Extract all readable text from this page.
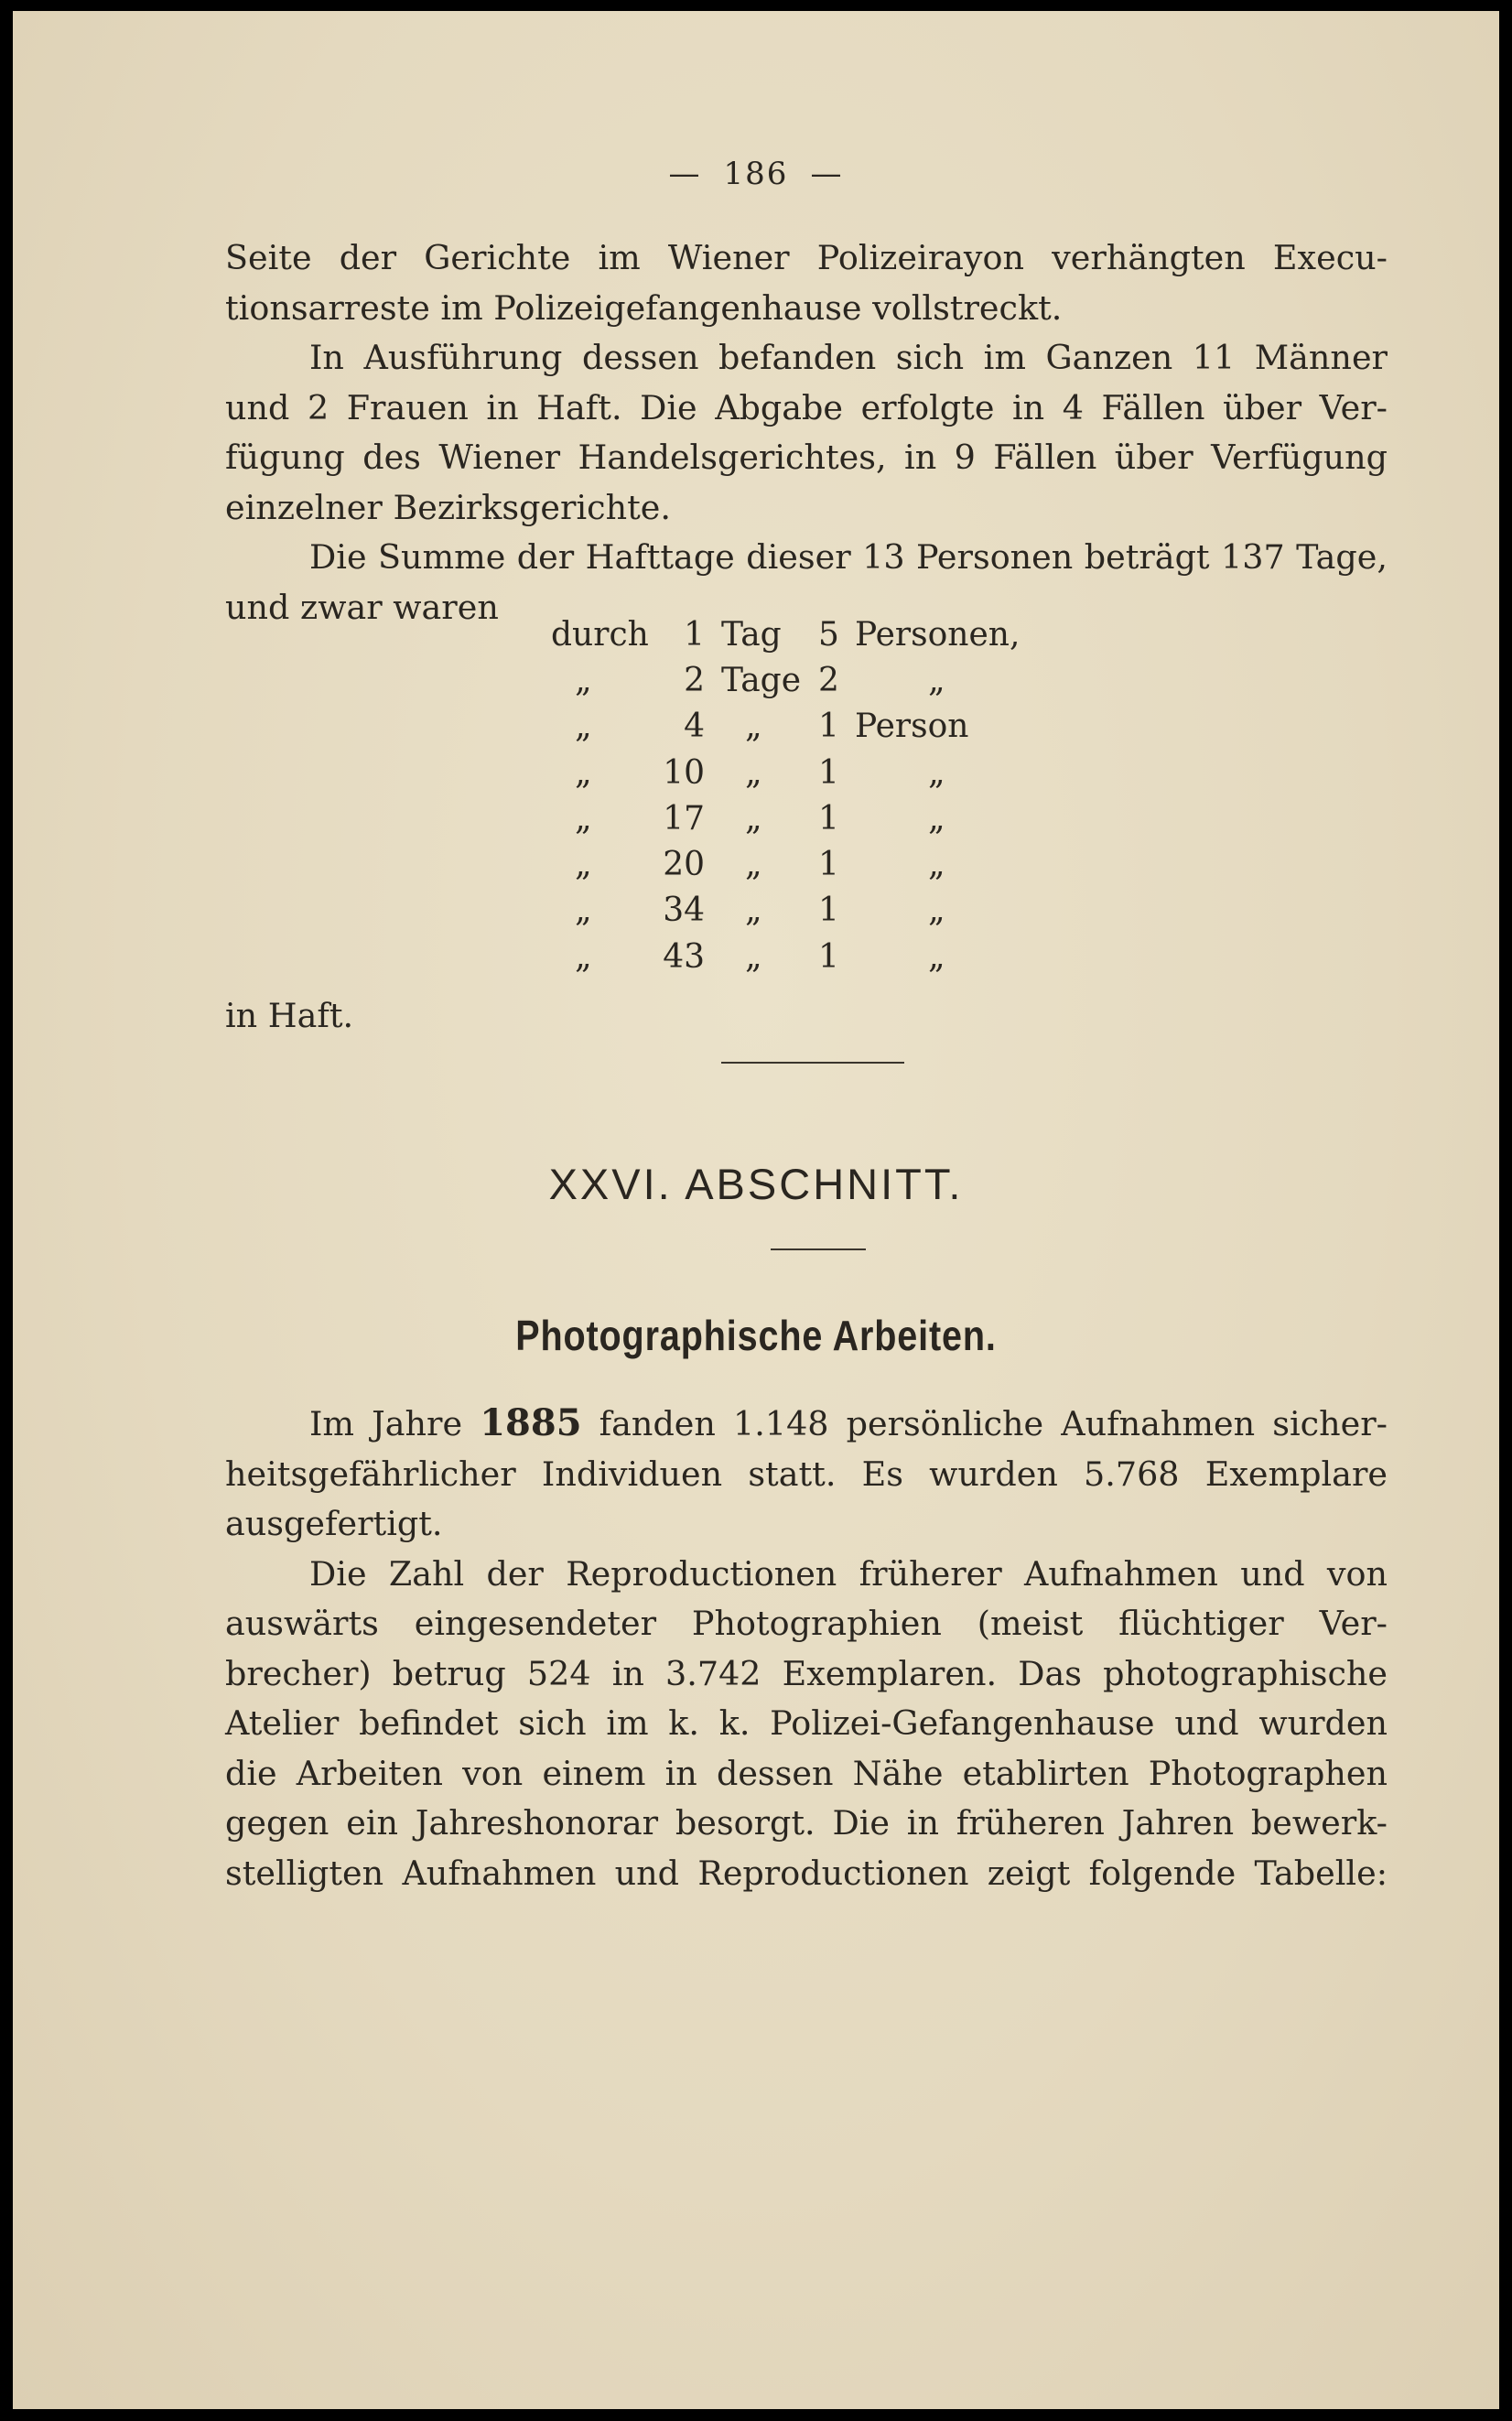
— 186 —
Seite der Gerichte im Wiener Polizeirayon verhängten Execu-
tionsarreste im Polizeigefangenhause vollstreckt.
In Ausführung dessen befanden sich im Ganzen 11 Männer
und 2 Frauen in Haft. Die Abgabe erfolgte in 4 Fällen über Ver-
fügung des Wiener Handelsgerichtes, in 9 Fällen über Verfügung
einzelner Bezirksgerichte.
Die Summe der Hafttage dieser 13 Personen beträgt 137 Tage,
und zwar waren
durch	1	Tag	5	Personen,
„	2	Tage	2	„
„	4	„	1	Person
„	10	„	1	„
„	17	„	1	„
„	20	„	1	„
„	34	„	1	„
„	43	„	1	„
in Haft.
XXVI. ABSCHNITT.
Photographische Arbeiten.
Im Jahre 1885 fanden 1.148 persönliche Aufnahmen sicher-
heitsgefährlicher Individuen statt. Es wurden 5.768 Exemplare
ausgefertigt.
Die Zahl der Reproductionen früherer Aufnahmen und von
auswärts eingesendeter Photographien (meist flüchtiger Ver-
brecher) betrug 524 in 3.742 Exemplaren. Das photographische
Atelier befindet sich im k. k. Polizei-Gefangenhause und wurden
die Arbeiten von einem in dessen Nähe etablirten Photographen
gegen ein Jahreshonorar besorgt. Die in früheren Jahren bewerk-
stelligten Aufnahmen und Reproductionen zeigt folgende Tabelle:
